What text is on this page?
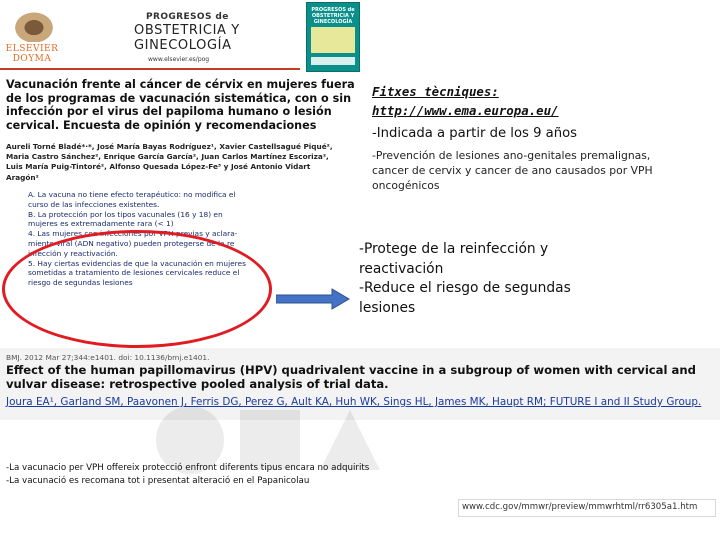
ELSEVIER
DOYMA
PROGRESOS de
OBSTETRICIA Y
GINECOLOGÍA
www.elsevier.es/pog
PROGRESOS de OBSTETRICIA Y GINECOLOGÍA
Vacunación frente al cáncer de cérvix en mujeres fuera de los programas de vacunación sistemática, con o sin infección por el virus del papiloma humano o lesión cervical. Encuesta de opinión y recomendaciones
Aureli Torné Bladé*·*, José María Bayas Rodríguez¹, Xavier Castellsagué Piqué², Maria Castro Sánchez², Enrique García García², Juan Carlos Martínez Escoriza², Luis María Puig-Tintoré², Alfonso Quesada López-Fe³ y José Antonio Vidart Aragón²
A. La vacuna no tiene efecto terapéutico: no modifica el
curso de las infecciones existentes.
B. La protección por los tipos vacunales (16 y 18) en
mujeres es extremadamente rara (< 1)
4. Las mujeres con infecciones por VPH previas y aclara-
miento viral (ADN negativo) pueden protegerse de la re
infección y reactivación.
5. Hay ciertas evidencias de que la vacunación en mujeres
sometidas a tratamiento de lesiones cervicales reduce el
riesgo de segundas lesiones
Fitxes tècniques:
http://www.ema.europa.eu/
-Indicada a partir de los 9 años
-Prevención de lesiones ano-genitales premalignas, cancer de cervix y cancer de ano causados por VPH oncogénicos
-Protege de la reinfección y reactivación
-Reduce el riesgo de segundas lesiones
BMJ. 2012 Mar 27;344:e1401. doi: 10.1136/bmj.e1401.
Effect of the human papillomavirus (HPV) quadrivalent vaccine in a subgroup of women with cervical and vulvar disease: retrospective pooled analysis of trial data.
Joura EA¹, Garland SM, Paavonen J, Ferris DG, Perez G, Ault KA, Huh WK, Sings HL, James MK, Haupt RM; FUTURE I and II Study Group.
-La vacunacio per VPH offereix protecció enfront diferents tipus encara no adquirits
-La vacunació es recomana tot i presentat alteració en el Papanicolau
www.cdc.gov/mmwr/preview/mmwrhtml/rr6305a1.htm
